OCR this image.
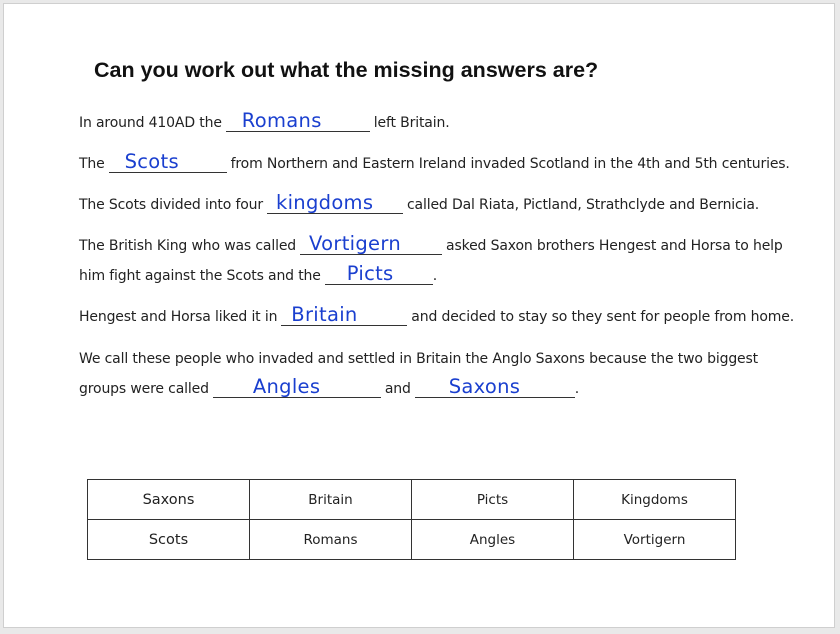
Can you work out what the missing answers are?
In around 410AD the Romans	left Britain.
The Scots	from Northern and Eastern Ireland invaded Scotland in the 4th and 5th centuries.
The Scots divided into four kingdoms called Dal Riata, Pictland, Strathclyde and Bernicia.
The British King who was called Vortigern	asked Saxon brothers Hengest and Horsa to help
him fight against the Scots and the Picts	.
Hengest and Horsa liked it in Britain	and decided to stay so they sent for people from home.
We call these people who invaded and settled in Britain the Anglo Saxons because the two biggest
groups were called Angles	and Saxons	.
Saxons	Britain	Picts	Kingdoms
Scots	Romans	Angles	Vortigern
